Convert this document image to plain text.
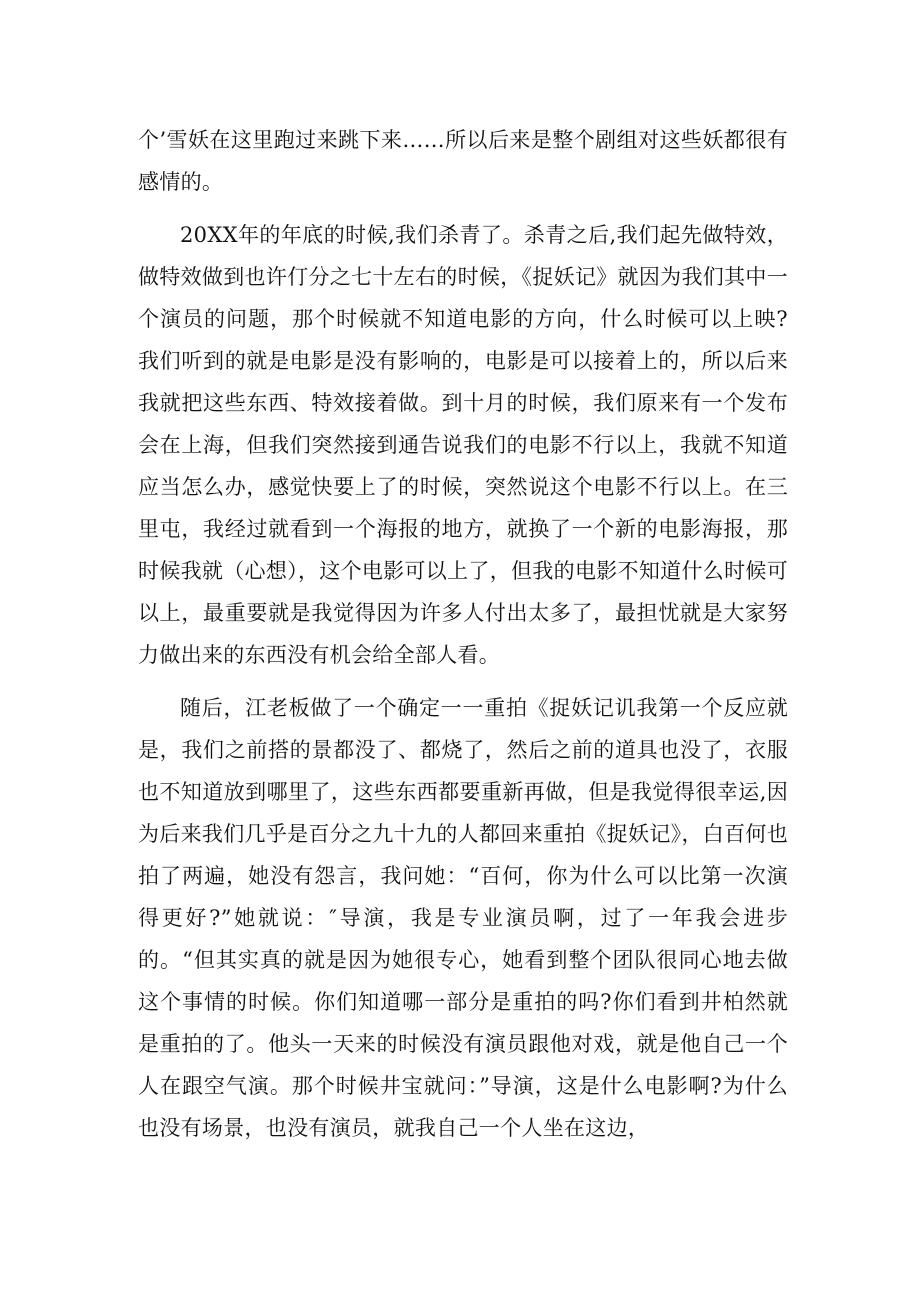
个’雪妖在这里跑过来跳下来……所以后来是整个剧组对这些妖都很有感情的。

20XX年的年底的时候,我们杀青了。杀青之后,我们起先做特效，做特效做到也许仃分之七十左右的时候，《捉妖记》就因为我们其中一个演员的问题，那个时候就不知道电影的方向，什么时候可以上映?我们听到的就是电影是没有影响的，电影是可以接着上的，所以后来我就把这些东西、特效接着做。到十月的时候，我们原来有一个发布会在上海，但我们突然接到通告说我们的电影不行以上，我就不知道应当怎么办，感觉快要上了的时候，突然说这个电影不行以上。在三里屯，我经过就看到一个海报的地方，就换了一个新的电影海报，那时候我就（心想），这个电影可以上了，但我的电影不知道什么时候可以上，最重要就是我觉得因为许多人付出太多了，最担忧就是大家努力做出来的东西没有机会给全部人看。

随后，江老板做了一个确定一一重拍《捉妖记讥我第一个反应就是，我们之前搭的景都没了、都烧了，然后之前的道具也没了，衣服也不知道放到哪里了，这些东西都要重新再做，但是我觉得很幸运,因为后来我们几乎是百分之九十九的人都回来重拍《捉妖记》，白百何也拍了两遍，她没有怨言，我问她：“百何，你为什么可以比第一次演得更好?”她就说：″导演，我是专业演员啊，过了一年我会进步的。“但其实真的就是因为她很专心，她看到整个团队很同心地去做这个事情的时候。你们知道哪一部分是重拍的吗?你们看到井柏然就是重拍的了。他头一天来的时候没有演员跟他对戏，就是他自己一个人在跟空气演。那个时候井宝就问：”导演，这是什么电影啊?为什么也没有场景，也没有演员，就我自己一个人坐在这边，
